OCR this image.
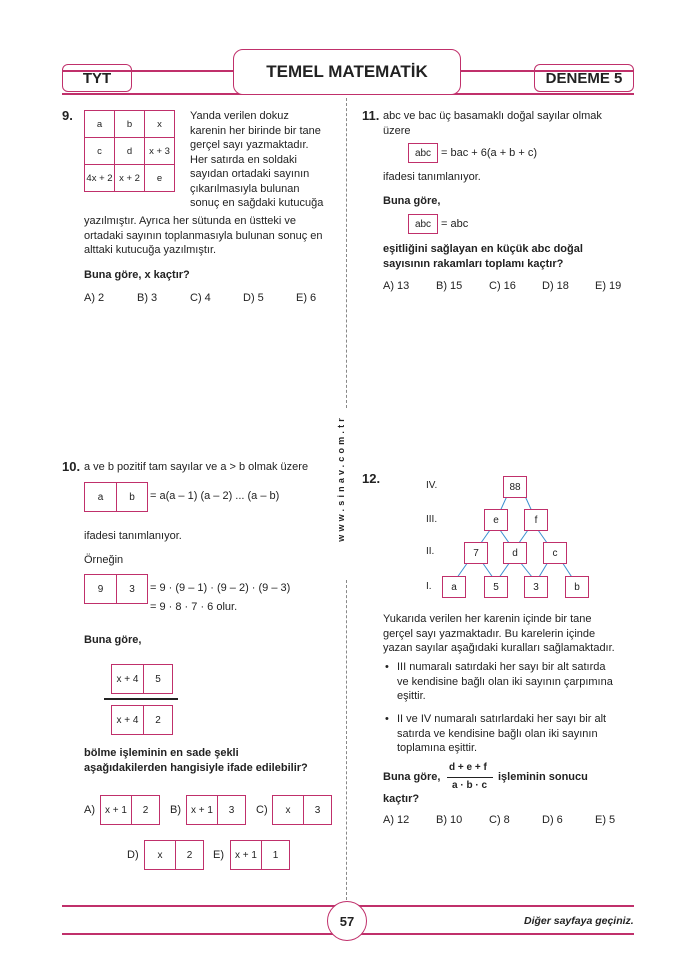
TYT	DENEME 5
TEMEL MATEMATİK
www.sinav.com.tr
9.
a	b	x
c	d	x + 3
4x + 2	x + 2	e
Yanda verilen dokuz
karenin her birinde bir tane
gerçel sayı yazmaktadır.
Her satırda en soldaki
sayıdan ortadaki sayının
çıkarılmasıyla bulunan
sonuç en sağdaki kutucuğa
yazılmıştır. Ayrıca her sütunda en üstteki ve
ortadaki sayının toplanmasıyla bulunan sonuç en
alttaki kutucuğa yazılmıştır.
Buna göre, x kaçtır?
A) 2	B) 3	C) 4	D) 5	E) 6
10. a ve b pozitif tam sayılar ve a > b olmak üzere
a	b	= a(a – 1) (a – 2) ... (a – b)
ifadesi tanımlanıyor.
Örneğin
9	3	= 9 · (9 – 1) · (9 – 2) · (9 – 3)
= 9 · 8 · 7 · 6 olur.
Buna göre,
x + 4	5
x + 4	2
bölme işleminin en sade şekli
aşağıdakilerden hangisiyle ifade edilebilir?
A)	x + 1	2	B)	x + 1	3	C)	x	3
D)	x	2	E)	x + 1	1
11. abc ve bac üç basamaklı doğal sayılar olmak
üzere
abc = bac + 6(a + b + c)
ifadesi tanımlanıyor.
Buna göre,
abc = abc
eşitliğini sağlayan en küçük abc doğal
sayısının rakamları toplamı kaçtır?
A) 13	B) 15	C) 16	D) 18	E) 19
12.	IV.
III.
II.
I.
88
e	f
7	d	c
a	5	3	b
Yukarıda verilen her karenin içinde bir tane
gerçel sayı yazmaktadır. Bu karelerin içinde
yazan sayılar aşağıdaki kuralları sağlamaktadır.
• III numaralı satırdaki her sayı bir alt satırda
ve kendisine bağlı olan iki sayının çarpımına
eşittir.
• II ve IV numaralı satırlardaki her sayı bir alt
satırda ve kendisine bağlı olan iki sayının
toplamına eşittir.
Buna göre,
d + e + f
a · b · c
işleminin sonucu
kaçtır?
A) 12	B) 10	C) 8	D) 6	E) 5
57	Diğer sayfaya geçiniz.
